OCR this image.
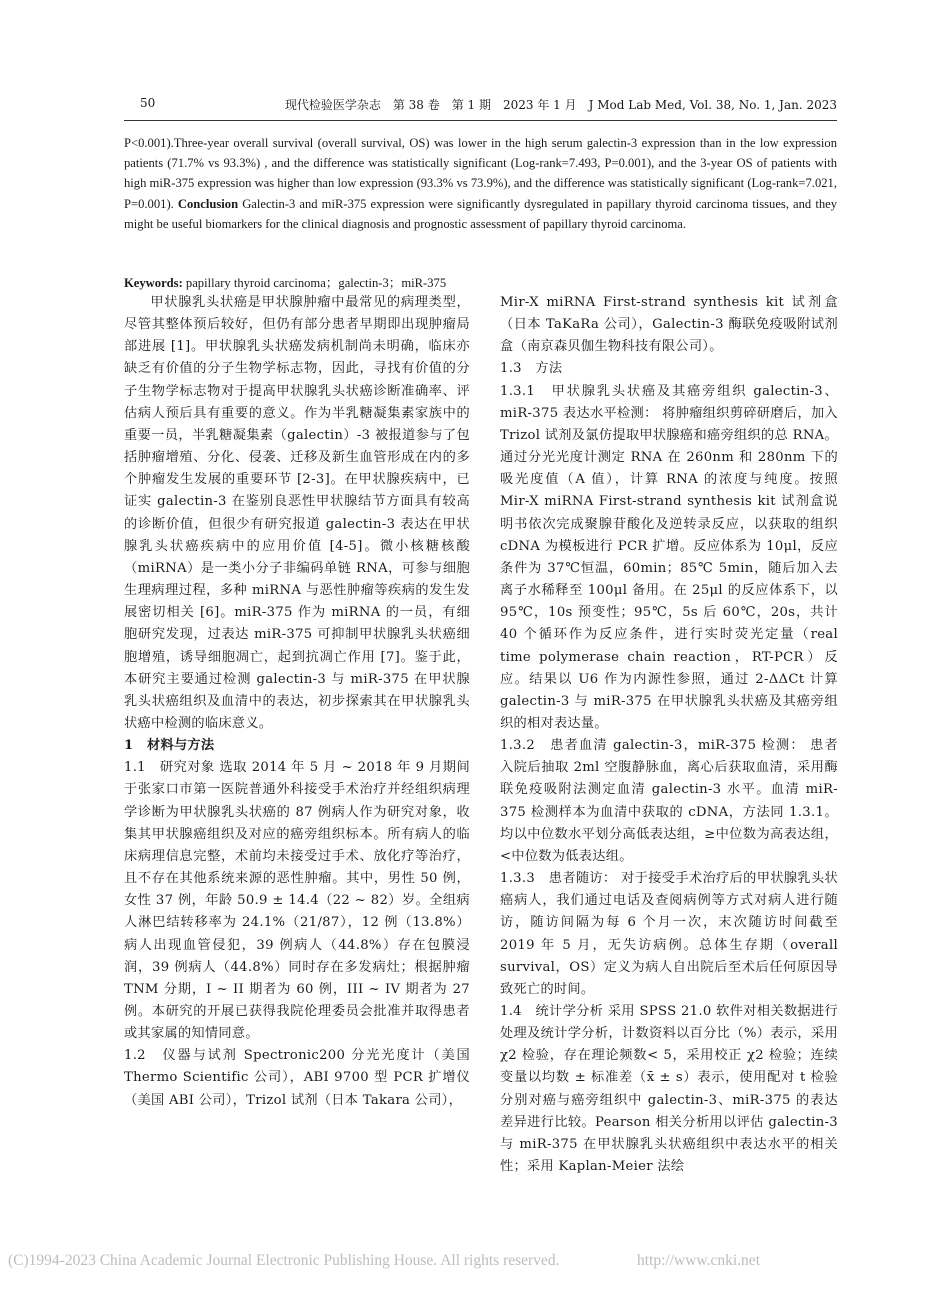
50	现代检验医学杂志　第 38 卷　第 1 期　2023 年 1 月　J Mod Lab Med, Vol. 38, No. 1, Jan. 2023

P<0.001).Three-year overall survival (overall survival, OS) was lower in the high serum galectin-3 expression than in the low expression patients (71.7% vs 93.3%) , and the difference was statistically significant (Log-rank=7.493, P=0.001), and the 3-year OS of patients with high miR-375 expression was higher than low expression (93.3% vs 73.9%), and the difference was statistically significant (Log-rank=7.021, P=0.001). Conclusion Galectin-3 and miR-375 expression were significantly dysregulated in papillary thyroid carcinoma tissues, and they might be useful biomarkers for the clinical diagnosis and prognostic assessment of papillary thyroid carcinoma.

Keywords: papillary thyroid carcinoma；galectin-3；miR-375

甲状腺乳头状癌是甲状腺肿瘤中最常见的病理类型，尽管其整体预后较好，但仍有部分患者早期即出现肿瘤局部进展 [1]。甲状腺乳头状癌发病机制尚未明确，临床亦缺乏有价值的分子生物学标志物，因此，寻找有价值的分子生物学标志物对于提高甲状腺乳头状癌诊断准确率、评估病人预后具有重要的意义。作为半乳糖凝集素家族中的重要一员，半乳糖凝集素（galectin）-3 被报道参与了包括肿瘤增殖、分化、侵袭、迁移及新生血管形成在内的多个肿瘤发生发展的重要环节 [2-3]。在甲状腺疾病中，已证实 galectin-3 在鉴别良恶性甲状腺结节方面具有较高的诊断价值，但很少有研究报道 galectin-3 表达在甲状腺乳头状癌疾病中的应用价值 [4-5]。微小核糖核酸（miRNA）是一类小分子非编码单链 RNA，可参与细胞生理病理过程，多种 miRNA 与恶性肿瘤等疾病的发生发展密切相关 [6]。miR-375 作为 miRNA 的一员，有细胞研究发现，过表达 miR-375 可抑制甲状腺乳头状癌细胞增殖，诱导细胞凋亡，起到抗凋亡作用 [7]。鉴于此，本研究主要通过检测 galectin-3 与 miR-375 在甲状腺乳头状癌组织及血清中的表达，初步探索其在甲状腺乳头状癌中检测的临床意义。

1　材料与方法

1.1　研究对象 选取 2014 年 5 月 ~ 2018 年 9 月期间于张家口市第一医院普通外科接受手术治疗并经组织病理学诊断为甲状腺乳头状癌的 87 例病人作为研究对象，收集其甲状腺癌组织及对应的癌旁组织标本。所有病人的临床病理信息完整，术前均未接受过手术、放化疗等治疗，且不存在其他系统来源的恶性肿瘤。其中，男性 50 例，女性 37 例，年龄 50.9 ± 14.4（22 ~ 82）岁。全组病人淋巴结转移率为 24.1%（21/87），12 例（13.8%）病人出现血管侵犯，39 例病人（44.8%）存在包膜浸润，39 例病人（44.8%）同时存在多发病灶；根据肿瘤 TNM 分期，I ~ II 期者为 60 例，III ~ IV 期者为 27 例。本研究的开展已获得我院伦理委员会批准并取得患者或其家属的知情同意。

1.2　仪器与试剂 Spectronic200 分光光度计（美国 Thermo Scientific 公司），ABI 9700 型 PCR 扩增仪（美国 ABI 公司），Trizol 试剂（日本 Takara 公司），

Mir-X miRNA First-strand synthesis kit 试剂盒（日本 TaKaRa 公司），Galectin-3 酶联免疫吸附试剂盒（南京森贝伽生物科技有限公司）。

1.3　方法

1.3.1　甲状腺乳头状癌及其癌旁组织 galectin-3、miR-375 表达水平检测： 将肿瘤组织剪碎研磨后，加入 Trizol 试剂及氯仿提取甲状腺癌和癌旁组织的总 RNA。通过分光光度计测定 RNA 在 260nm 和 280nm 下的吸光度值（A 值），计算 RNA 的浓度与纯度。按照 Mir-X miRNA First-strand synthesis kit 试剂盒说明书依次完成聚腺苷酸化及逆转录反应，以获取的组织 cDNA 为模板进行 PCR 扩增。反应体系为 10μl，反应条件为 37℃恒温，60min；85℃ 5min，随后加入去离子水稀释至 100μl 备用。在 25μl 的反应体系下，以 95℃，10s 预变性；95℃，5s 后 60℃，20s，共计 40 个循环作为反应条件，进行实时荧光定量（real time polymerase chain reaction，RT-PCR）反应。结果以 U6 作为内源性参照，通过 2-ΔΔCt 计算 galectin-3 与 miR-375 在甲状腺乳头状癌及其癌旁组织的相对表达量。

1.3.2　患者血清 galectin-3，miR-375 检测： 患者入院后抽取 2ml 空腹静脉血，离心后获取血清，采用酶联免疫吸附法测定血清 galectin-3 水平。血清 miR-375 检测样本为血清中获取的 cDNA，方法同 1.3.1。均以中位数水平划分高低表达组，≥中位数为高表达组，<中位数为低表达组。

1.3.3　患者随访： 对于接受手术治疗后的甲状腺乳头状癌病人，我们通过电话及查阅病例等方式对病人进行随访，随访间隔为每 6 个月一次，末次随访时间截至 2019 年 5 月，无失访病例。总体生存期（overall survival，OS）定义为病人自出院后至术后任何原因导致死亡的时间。

1.4　统计学分析 采用 SPSS 21.0 软件对相关数据进行处理及统计学分析，计数资料以百分比（%）表示，采用 χ2 检验，存在理论频数< 5，采用校正 χ2 检验；连续变量以均数 ± 标准差（x̄ ± s）表示，使用配对 t 检验分别对癌与癌旁组织中 galectin-3、miR-375 的表达差异进行比较。Pearson 相关分析用以评估 galectin-3 与 miR-375 在甲状腺乳头状癌组织中表达水平的相关性；采用 Kaplan-Meier 法绘

(C)1994-2023 China Academic Journal Electronic Publishing House. All rights reserved.	http://www.cnki.net
